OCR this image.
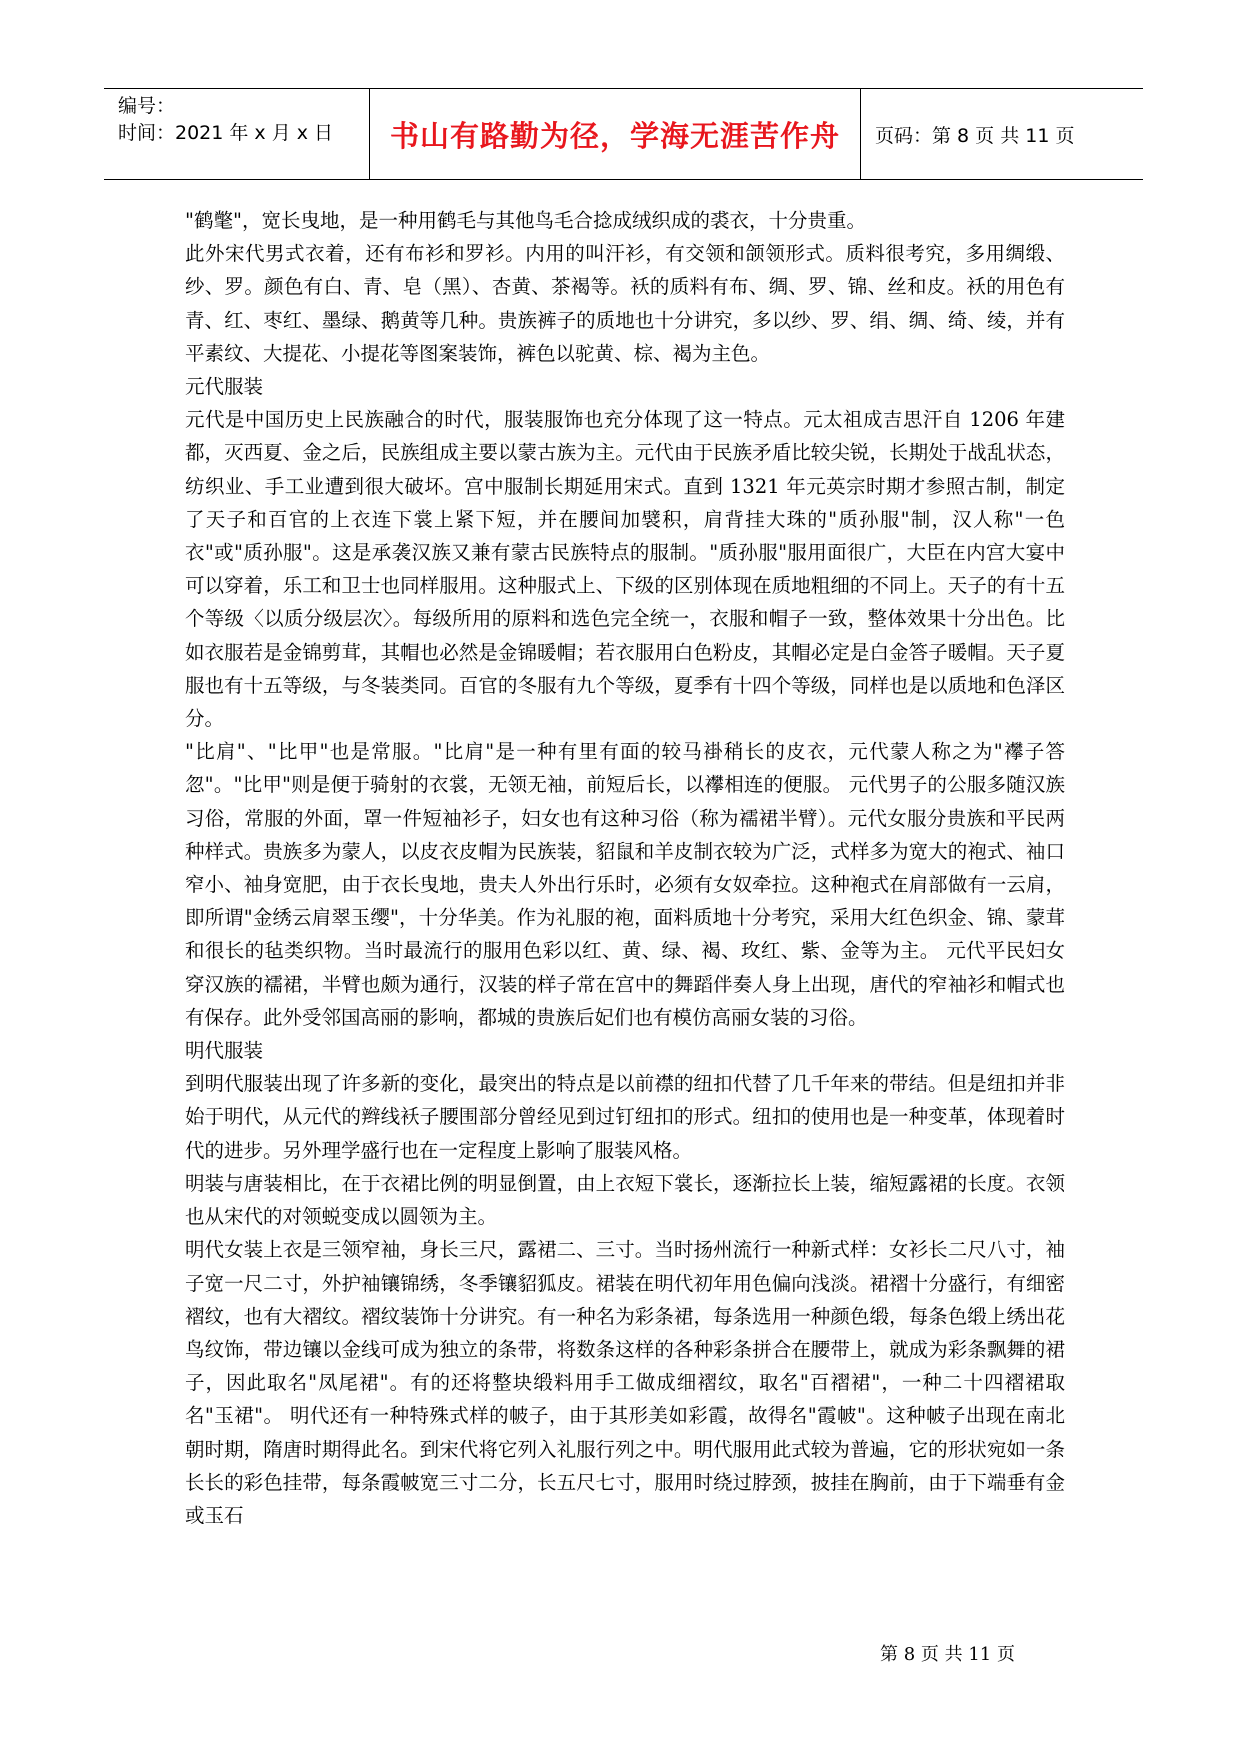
编号：
时间：2021 年 x 月 x 日	书山有路勤为径，学海无涯苦作舟	页码：第 8 页 共 11 页

"鹤氅"，宽长曳地，是一种用鹤毛与其他鸟毛合捻成绒织成的裘衣，十分贵重。

此外宋代男式衣着，还有布衫和罗衫。内用的叫汗衫，有交领和颌领形式。质料很考究，多用绸缎、纱、罗。颜色有白、青、皂（黑）、杏黄、茶褐等。袄的质料有布、绸、罗、锦、丝和皮。袄的用色有青、红、枣红、墨绿、鹅黄等几种。贵族裤子的质地也十分讲究，多以纱、罗、绢、绸、绮、绫，并有平素纹、大提花、小提花等图案装饰，裤色以驼黄、棕、褐为主色。

元代服装

元代是中国历史上民族融合的时代，服装服饰也充分体现了这一特点。元太祖成吉思汗自 1206 年建都，灭西夏、金之后，民族组成主要以蒙古族为主。元代由于民族矛盾比较尖锐，长期处于战乱状态，纺织业、手工业遭到很大破坏。宫中服制长期延用宋式。直到 1321 年元英宗时期才参照古制，制定了天子和百官的上衣连下裳上紧下短，并在腰间加襞积，肩背挂大珠的"质孙服"制，汉人称"一色衣"或"质孙服"。这是承袭汉族又兼有蒙古民族特点的服制。"质孙服"服用面很广，大臣在内宫大宴中可以穿着，乐工和卫士也同样服用。这种服式上、下级的区别体现在质地粗细的不同上。天子的有十五个等级〈以质分级层次〉。每级所用的原料和选色完全统一，衣服和帽子一致，整体效果十分出色。比如衣服若是金锦剪茸，其帽也必然是金锦暖帽；若衣服用白色粉皮，其帽必定是白金答子暖帽。天子夏服也有十五等级，与冬装类同。百官的冬服有九个等级，夏季有十四个等级，同样也是以质地和色泽区分。

"比肩"、"比甲"也是常服。"比肩"是一种有里有面的较马褂稍长的皮衣，元代蒙人称之为"襻子答忽"。"比甲"则是便于骑射的衣裳，无领无袖，前短后长，以襻相连的便服。 元代男子的公服多随汉族习俗，常服的外面，罩一件短袖衫子，妇女也有这种习俗（称为襦裙半臂）。元代女服分贵族和平民两种样式。贵族多为蒙人，以皮衣皮帽为民族装，貂鼠和羊皮制衣较为广泛，式样多为宽大的袍式、袖口窄小、袖身宽肥，由于衣长曳地，贵夫人外出行乐时，必须有女奴牵拉。这种袍式在肩部做有一云肩，即所谓"金绣云肩翠玉缨"，十分华美。作为礼服的袍，面料质地十分考究，采用大红色织金、锦、蒙茸和很长的毡类织物。当时最流行的服用色彩以红、黄、绿、褐、玫红、紫、金等为主。 元代平民妇女穿汉族的襦裙，半臂也颇为通行，汉装的样子常在宫中的舞蹈伴奏人身上出现，唐代的窄袖衫和帽式也有保存。此外受邻国高丽的影响，都城的贵族后妃们也有模仿高丽女装的习俗。

明代服装

到明代服装出现了许多新的变化，最突出的特点是以前襟的纽扣代替了几千年来的带结。但是纽扣并非始于明代，从元代的辫线袄子腰围部分曾经见到过钉纽扣的形式。纽扣的使用也是一种变革，体现着时代的进步。另外理学盛行也在一定程度上影响了服装风格。

明装与唐装相比，在于衣裙比例的明显倒置，由上衣短下裳长，逐渐拉长上装，缩短露裙的长度。衣领也从宋代的对领蜕变成以圆领为主。

明代女装上衣是三领窄袖，身长三尺，露裙二、三寸。当时扬州流行一种新式样：女衫长二尺八寸，袖子宽一尺二寸，外护袖镶锦绣，冬季镶貂狐皮。裙装在明代初年用色偏向浅淡。裙褶十分盛行，有细密褶纹，也有大褶纹。褶纹装饰十分讲究。有一种名为彩条裙，每条选用一种颜色缎，每条色缎上绣出花鸟纹饰，带边镶以金线可成为独立的条带，将数条这样的各种彩条拼合在腰带上，就成为彩条飘舞的裙子，因此取名"凤尾裙"。有的还将整块缎料用手工做成细褶纹，取名"百褶裙"，一种二十四褶裙取名"玉裙"。 明代还有一种特殊式样的帔子，由于其形美如彩霞，故得名"霞帔"。这种帔子出现在南北朝时期，隋唐时期得此名。到宋代将它列入礼服行列之中。明代服用此式较为普遍，它的形状宛如一条长长的彩色挂带，每条霞帔宽三寸二分，长五尺七寸，服用时绕过脖颈，披挂在胸前，由于下端垂有金或玉石

第 8 页 共 11 页
